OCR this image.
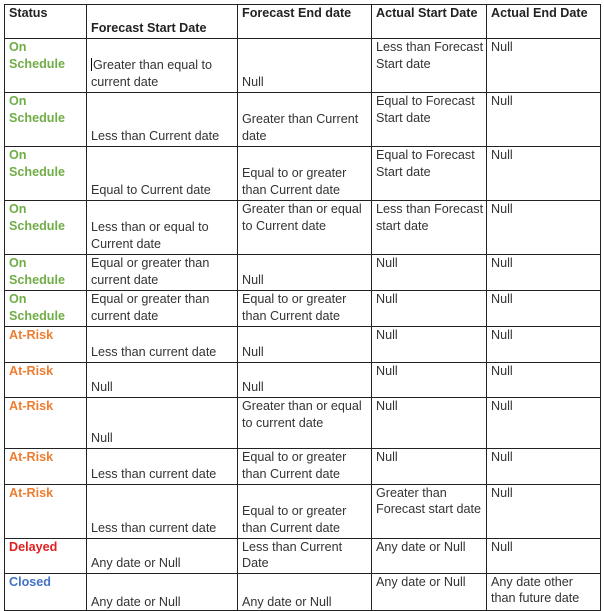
Status	Forecast Start Date	Forecast End date	Actual Start Date	Actual End Date
On Schedule	Greater than equal to current date	Null	Less than Forecast Start date	Null
On Schedule	Less than Current date	Greater than Current date	Equal to Forecast Start date	Null
On Schedule	Equal to Current date	Equal to or greater than Current date	Equal to Forecast Start date	Null
On Schedule	Less than or equal to Current date	Greater than or equal to Current date	Less than Forecast start date	Null
On Schedule	Equal or greater than current date	Null	Null	Null
On Schedule	Equal or greater than current date	Equal to or greater than Current date	Null	Null
At-Risk	Less than current date	Null	Null	Null
At-Risk	Null	Null	Null	Null
At-Risk	Null	Greater than or equal to current date	Null	Null
At-Risk	Less than current date	Equal to or greater than Current date	Null	Null
At-Risk	Less than current date	Equal to or greater than Current date	Greater than Forecast start date	Null
Delayed	Any date or Null	Less than Current Date	Any date or Null	Null
Closed	Any date or Null	Any date or Null	Any date or Null	Any date other than future date
